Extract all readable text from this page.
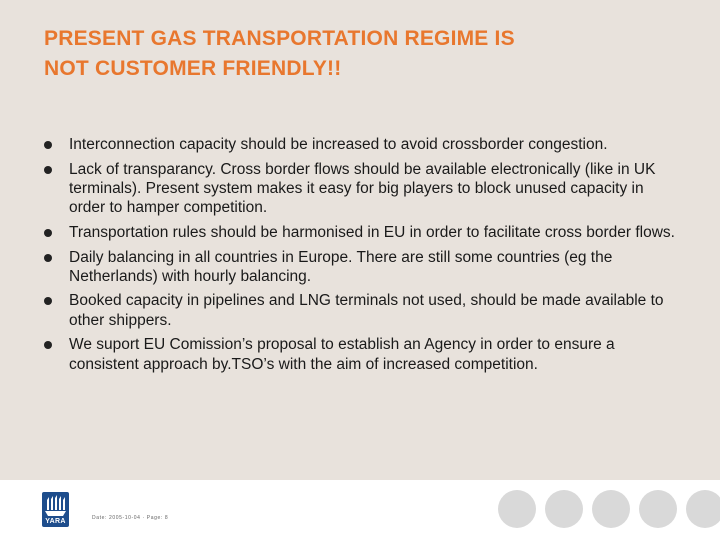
PRESENT GAS TRANSPORTATION REGIME IS
NOT CUSTOMER FRIENDLY!!
Interconnection capacity should be increased to avoid crossborder congestion.
Lack of transparancy. Cross border flows should be available electronically (like in UK terminals). Present system makes it easy for big players to block unused capacity in order to hamper competition.
Transportation rules should be harmonised in EU in order to facilitate cross border flows.
Daily balancing in all countries in Europe. There are still some countries (eg the Netherlands) with hourly balancing.
Booked capacity in pipelines and LNG terminals not used, should be made available to other shippers.
We suport EU Comission’s proposal to establish an Agency in order to ensure a consistent approach by.TSO’s with the aim of increased competition.
YARA	Date: 2005-10-04 · Page: 8
